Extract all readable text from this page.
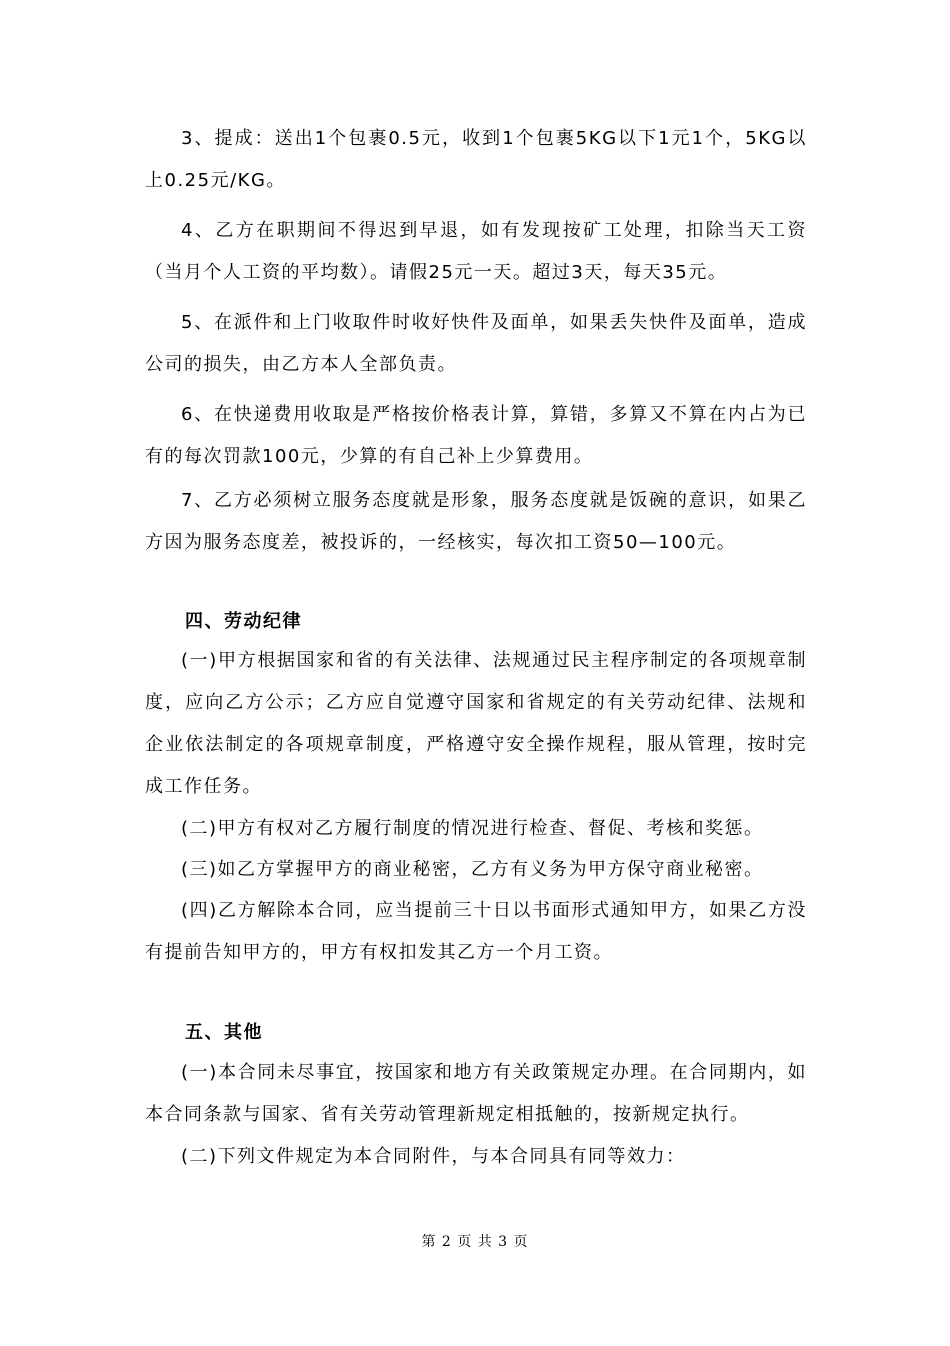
3、提成：送出1个包裹0.5元，收到1个包裹5KG以下1元1个，5KG以上0.25元/KG。

4、乙方在职期间不得迟到早退，如有发现按矿工处理，扣除当天工资（当月个人工资的平均数）。请假25元一天。超过3天，每天35元。

5、在派件和上门收取件时收好快件及面单，如果丢失快件及面单，造成公司的损失，由乙方本人全部负责。

6、在快递费用收取是严格按价格表计算，算错，多算又不算在内占为已有的每次罚款100元，少算的有自己补上少算费用。

7、乙方必须树立服务态度就是形象，服务态度就是饭碗的意识，如果乙方因为服务态度差，被投诉的，一经核实，每次扣工资50—100元。

四、劳动纪律

(一)甲方根据国家和省的有关法律、法规通过民主程序制定的各项规章制度，应向乙方公示；乙方应自觉遵守国家和省规定的有关劳动纪律、法规和企业依法制定的各项规章制度，严格遵守安全操作规程，服从管理，按时完成工作任务。

(二)甲方有权对乙方履行制度的情况进行检查、督促、考核和奖惩。

(三)如乙方掌握甲方的商业秘密，乙方有义务为甲方保守商业秘密。

(四)乙方解除本合同，应当提前三十日以书面形式通知甲方，如果乙方没有提前告知甲方的，甲方有权扣发其乙方一个月工资。

五、其他

(一)本合同未尽事宜，按国家和地方有关政策规定办理。在合同期内，如本合同条款与国家、省有关劳动管理新规定相抵触的，按新规定执行。

(二)下列文件规定为本合同附件，与本合同具有同等效力：

第 2 页 共 3 页
